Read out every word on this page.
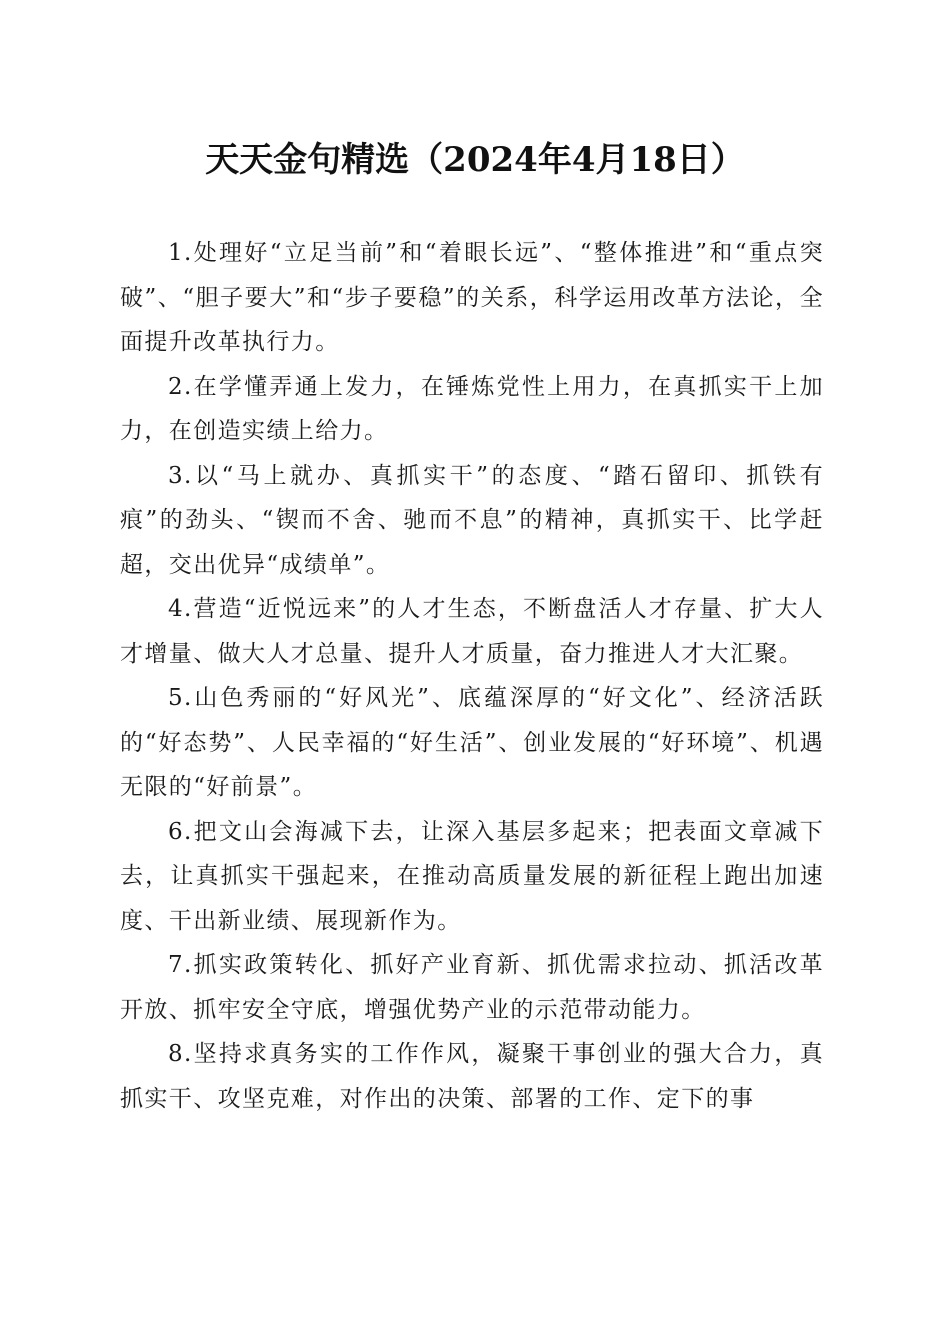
天天金句精选（2024年4月18日）

1.处理好“立足当前”和“着眼长远”、“整体推进”和“重点突破”、“胆子要大”和“步子要稳”的关系，科学运用改革方法论，全面提升改革执行力。

2.在学懂弄通上发力，在锤炼党性上用力，在真抓实干上加力，在创造实绩上给力。

3.以“马上就办、真抓实干”的态度、“踏石留印、抓铁有痕”的劲头、“锲而不舍、驰而不息”的精神，真抓实干、比学赶超，交出优异“成绩单”。

4.营造“近悦远来”的人才生态，不断盘活人才存量、扩大人才增量、做大人才总量、提升人才质量，奋力推进人才大汇聚。

5.山色秀丽的“好风光”、底蕴深厚的“好文化”、经济活跃的“好态势”、人民幸福的“好生活”、创业发展的“好环境”、机遇无限的“好前景”。

6.把文山会海减下去，让深入基层多起来；把表面文章减下去，让真抓实干强起来，在推动高质量发展的新征程上跑出加速度、干出新业绩、展现新作为。

7.抓实政策转化、抓好产业育新、抓优需求拉动、抓活改革开放、抓牢安全守底，增强优势产业的示范带动能力。

8.坚持求真务实的工作作风，凝聚干事创业的强大合力，真抓实干、攻坚克难，对作出的决策、部署的工作、定下的事
